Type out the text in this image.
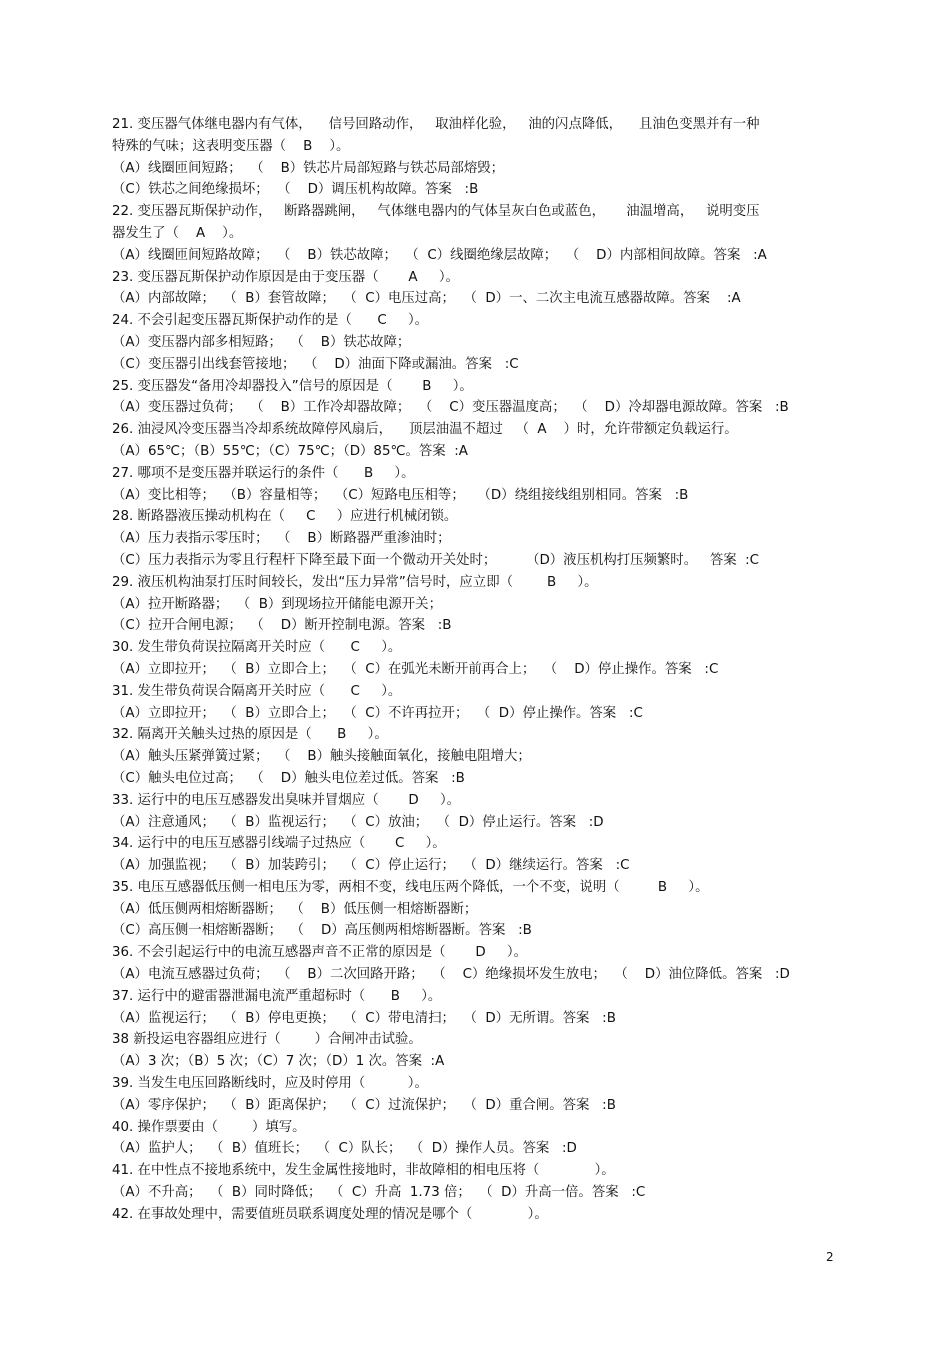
21. 变压器气体继电器内有气体，    信号回路动作，   取油样化验，   油的闪点降低，    且油色变黑并有一种
特殊的气味；这表明变压器（    B    ）。
（A）线圈匝间短路；  （    B）铁芯片局部短路与铁芯局部熔毁；
（C）铁芯之间绝缘损坏；  （    D）调压机构故障。答案   :B
22. 变压器瓦斯保护动作，   断路器跳闸，   气体继电器内的气体呈灰白色或蓝色，     油温增高，   说明变压
器发生了（    A    ）。
（A）线圈匝间短路故障；  （    B）铁芯故障；  （  C）线圈绝缘层故障；  （    D）内部相间故障。答案   :A
23. 变压器瓦斯保护动作原因是由于变压器（       A     ）。
（A）内部故障；  （  B）套管故障；  （  C）电压过高；  （  D）一、二次主电流互感器故障。答案    :A
24. 不会引起变压器瓦斯保护动作的是（      C     ）。
（A）变压器内部多相短路；  （    B）铁芯故障；
（C）变压器引出线套管接地；  （    D）油面下降或漏油。答案   :C
25. 变压器发“备用冷却器投入”信号的原因是（       B     ）。
（A）变压器过负荷；  （    B）工作冷却器故障；  （    C）变压器温度高；  （    D）冷却器电源故障。答案   :B
26. 油浸风冷变压器当冷却系统故障停风扇后，    顶层油温不超过   （  A    ）时，允许带额定负载运行。
（A）65℃；（B）55℃；（C）75℃；（D）85℃。答案  :A
27. 哪项不是变压器并联运行的条件（      B     ）。
（A）变比相等；  （B）容量相等；  （C）短路电压相等；   （D）绕组接线组别相同。答案   :B
28. 断路器液压操动机构在（     C     ）应进行机械闭锁。
（A）压力表指示零压时；  （    B）断路器严重渗油时；
（C）压力表指示为零且行程杆下降至最下面一个微动开关处时；       （D）液压机构打压频繁时。   答案  :C
29. 液压机构油泵打压时间较长，发出“压力异常”信号时，应立即（        B     ）。
（A）拉开断路器；  （  B）到现场拉开储能电源开关；
（C）拉开合闸电源；  （    D）断开控制电源。答案   :B
30. 发生带负荷误拉隔离开关时应（      C     ）。
（A）立即拉开；  （  B）立即合上；  （  C）在弧光未断开前再合上；  （    D）停止操作。答案   :C
31. 发生带负荷误合隔离开关时应（      C     ）。
（A）立即拉开；  （  B）立即合上；  （  C）不许再拉开；  （  D）停止操作。答案   :C
32. 隔离开关触头过热的原因是（      B     ）。
（A）触头压紧弹簧过紧；  （    B）触头接触面氧化，接触电阻增大；
（C）触头电位过高；  （    D）触头电位差过低。答案   :B
33. 运行中的电压互感器发出臭味并冒烟应（       D     ）。
（A）注意通风；  （  B）监视运行；  （  C）放油；  （  D）停止运行。答案   :D
34. 运行中的电压互感器引线端子过热应（       C     ）。
（A）加强监视；  （  B）加装跨引；  （  C）停止运行；  （  D）继续运行。答案   :C
35. 电压互感器低压侧一相电压为零，两相不变，线电压两个降低，一个不变，说明（         B     ）。
（A）低压侧两相熔断器断；  （    B）低压侧一相熔断器断；
（C）高压侧一相熔断器断；  （    D）高压侧两相熔断器断。答案   :B
36. 不会引起运行中的电流互感器声音不正常的原因是（       D     ）。
（A）电流互感器过负荷；  （    B）二次回路开路；  （    C）绝缘损坏发生放电；  （    D）油位降低。答案   :D
37. 运行中的避雷器泄漏电流严重超标时（      B     ）。
（A）监视运行；  （  B）停电更换；  （  C）带电清扫；  （  D）无所谓。答案   :B
38 新投运电容器组应进行（        ）合闸冲击试验。
（A）3 次；（B）5 次；（C）7 次；（D）1 次。答案  :A
39. 当发生电压回路断线时，应及时停用（          ）。
（A）零序保护；  （  B）距离保护；  （  C）过流保护；  （  D）重合闸。答案   :B
40. 操作票要由（        ）填写。
（A）监护人；  （  B）值班长；  （  C）队长；  （  D）操作人员。答案   :D
41. 在中性点不接地系统中，发生金属性接地时，非故障相的相电压将（             ）。
（A）不升高；  （  B）同时降低；  （  C）升高  1.73 倍；  （  D）升高一倍。答案   :C
42. 在事故处理中，需要值班员联系调度处理的情况是哪个（             ）。
2
